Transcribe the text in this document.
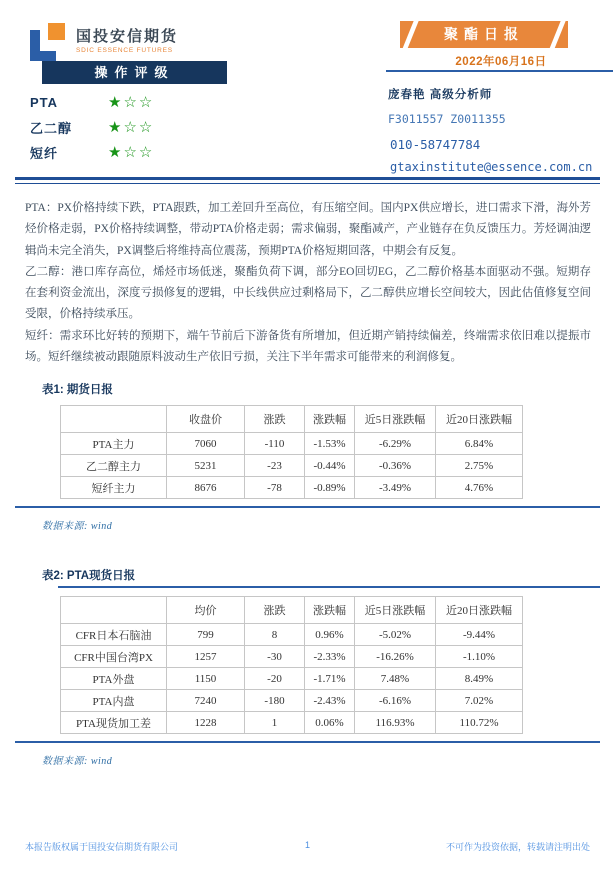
国投安信期货
SDIC ESSENCE FUTURES
聚酯日报
2022年06月16日
操作评级
PTA	★☆☆
乙二醇	★☆☆
短纤	★☆☆
庞春艳 高级分析师
F3011557 Z0011355
010-58747784
gtaxinstitute@essence.com.cn

PTA：PX价格持续下跌，PTA跟跌，加工差回升至高位，有压缩空间。国内PX供应增长，进口需求下滑，海外芳烃价格走弱，PX价格持续调整，带动PTA价格走弱；需求偏弱，聚酯减产，产业链存在负反馈压力。芳烃调油逻辑尚未完全消失，PX调整后将维持高位震荡，预期PTA价格短期回落，中期会有反复。

乙二醇：港口库存高位，烯烃市场低迷，聚酯负荷下调，部分EO回切EG，乙二醇价格基本面驱动不强。短期存在套利资金流出，深度亏损修复的逻辑，中长线供应过剩格局下，乙二醇供应增长空间较大，因此估值修复空间受限，价格持续承压。

短纤：需求环比好转的预期下，端午节前后下游备货有所增加，但近期产销持续偏差，终端需求依旧难以提振市场。短纤继续被动跟随原料波动生产依旧亏损，关注下半年需求可能带来的利润修复。

表1: 期货日报
	收盘价	涨跌	涨跌幅	近5日涨跌幅	近20日涨跌幅
PTA主力	7060	-110	-1.53%	-6.29%	6.84%
乙二醇主力	5231	-23	-0.44%	-0.36%	2.75%
短纤主力	8676	-78	-0.89%	-3.49%	4.76%
数据来源: wind
表2: PTA现货日报
	均价	涨跌	涨跌幅	近5日涨跌幅	近20日涨跌幅
CFR日本石脑油	799	8	0.96%	-5.02%	-9.44%
CFR中国台湾PX	1257	-30	-2.33%	-16.26%	-1.10%
PTA外盘	1150	-20	-1.71%	7.48%	8.49%
PTA内盘	7240	-180	-2.43%	-6.16%	7.02%
PTA现货加工差	1228	1	0.06%	116.93%	110.72%
数据来源: wind
本报告版权属于国投安信期货有限公司	1	不可作为投资依据，转载请注明出处
